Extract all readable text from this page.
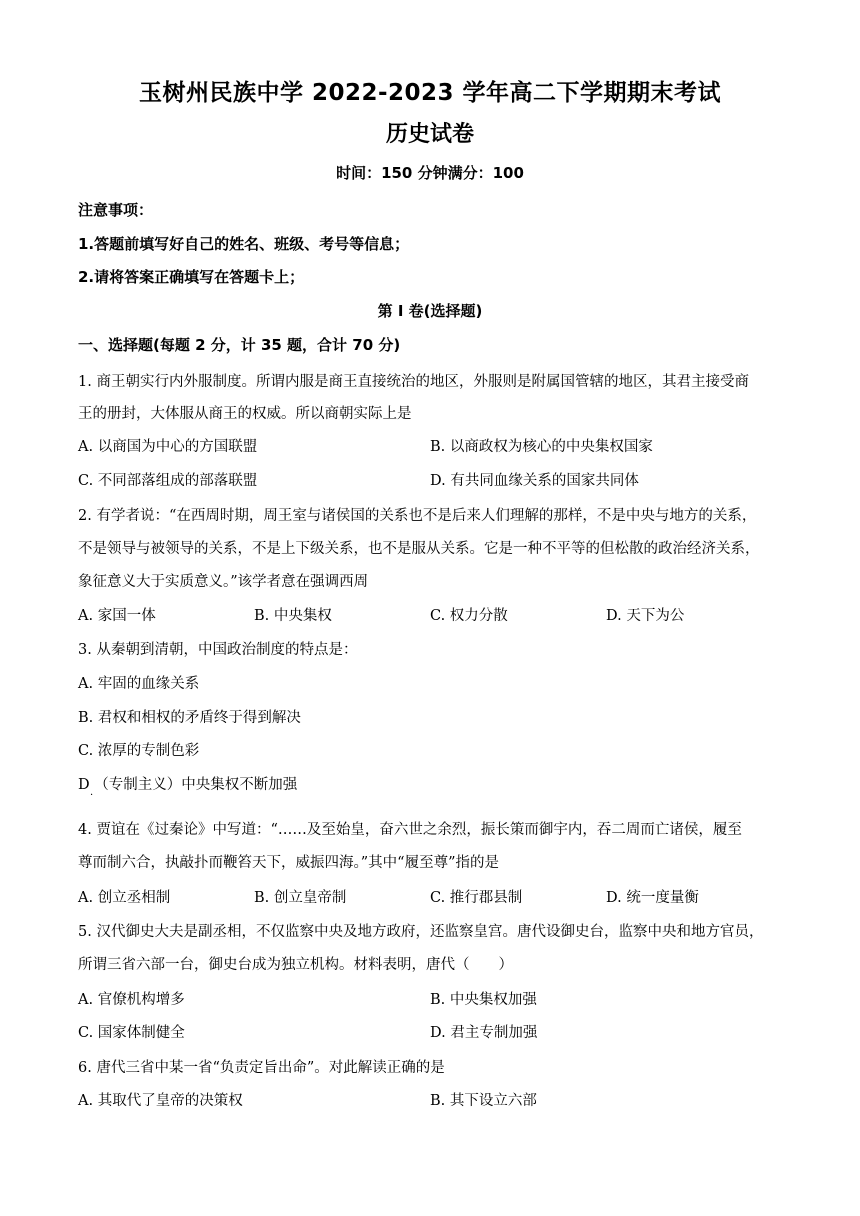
玉树州民族中学 2022-2023 学年高二下学期期末考试
历史试卷
时间：150 分钟满分：100
注意事项：
1.答题前填写好自己的姓名、班级、考号等信息；
2.请将答案正确填写在答题卡上；
第 I 卷(选择题)
一、选择题(每题 2 分，计 35 题，合计 70 分)
1. 商王朝实行内外服制度。所谓内服是商王直接统治的地区，外服则是附属国管辖的地区，其君主接受商
王的册封，大体服从商王的权威。所以商朝实际上是
A. 以商国为中心的方国联盟	B. 以商政权为核心的中央集权国家
C. 不同部落组成的部落联盟	D. 有共同血缘关系的国家共同体
2. 有学者说：“在西周时期，周王室与诸侯国的关系也不是后来人们理解的那样，不是中央与地方的关系，
不是领导与被领导的关系，不是上下级关系，也不是服从关系。它是一种不平等的但松散的政治经济关系，
象征意义大于实质意义。”该学者意在强调西周
A. 家国一体	B. 中央集权	C. 权力分散	D. 天下为公
3. 从秦朝到清朝，中国政治制度的特点是：
A. 牢固的血缘关系
B. 君权和相权的矛盾终于得到解决
C. 浓厚的专制色彩
D （专制主义）中央集权不断加强
·
4. 贾谊在《过秦论》中写道：“……及至始皇，奋六世之余烈，振长策而御宇内，吞二周而亡诸侯，履至
尊而制六合，执敲扑而鞭笞天下，威振四海。”其中“履至尊”指的是
A. 创立丞相制	B. 创立皇帝制	C. 推行郡县制	D. 统一度量衡
5. 汉代御史大夫是副丞相，不仅监察中央及地方政府，还监察皇宫。唐代设御史台，监察中央和地方官员，
所谓三省六部一台，御史台成为独立机构。材料表明，唐代（　　）
A. 官僚机构增多	B. 中央集权加强
C. 国家体制健全	D. 君主专制加强
6. 唐代三省中某一省“负责定旨出命”。对此解读正确的是
A. 其取代了皇帝的决策权	B. 其下设立六部
